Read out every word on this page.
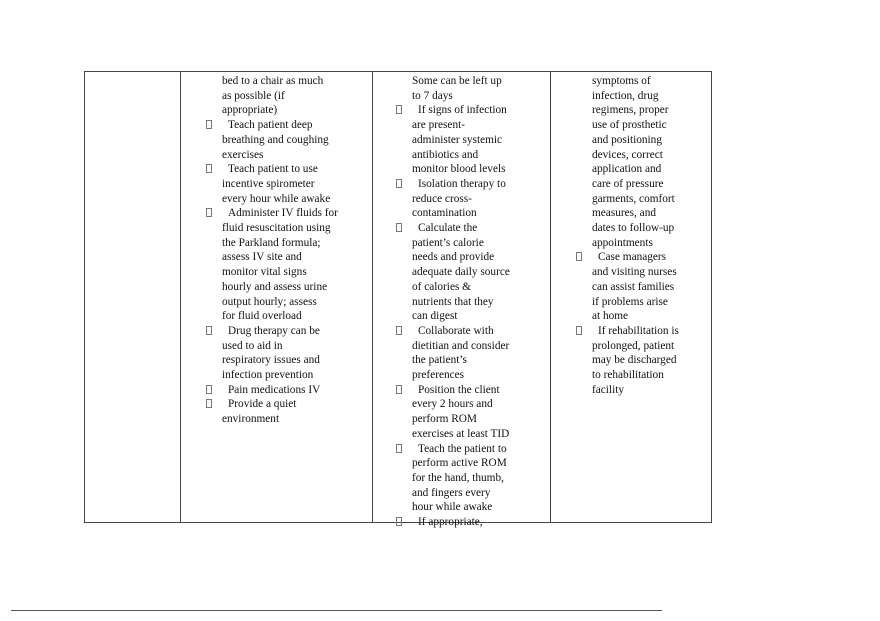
bed to a chair as much
as possible (if
appropriate)
Teach patient deep
breathing and coughing
exercises
Teach patient to use
incentive spirometer
every hour while awake
Administer IV fluids for
fluid resuscitation using
the Parkland formula;
assess IV site and
monitor vital signs
hourly and assess urine
output hourly; assess
for fluid overload
Drug therapy can be
used to aid in
respiratory issues and
infection prevention
Pain medications IV
Provide a quiet
environment
Some can be left up
to 7 days
If signs of infection
are present-
administer systemic
antibiotics and
monitor blood levels
Isolation therapy to
reduce cross-
contamination
Calculate the
patient’s calorie
needs and provide
adequate daily source
of calories &
nutrients that they
can digest
Collaborate with
dietitian and consider
the patient’s
preferences
Position the client
every 2 hours and
perform ROM
exercises at least TID
Teach the patient to
perform active ROM
for the hand, thumb,
and fingers every
hour while awake
If appropriate,
symptoms of
infection, drug
regimens, proper
use of prosthetic
and positioning
devices, correct
application and
care of pressure
garments, comfort
measures, and
dates to follow-up
appointments
Case managers
and visiting nurses
can assist families
if problems arise
at home
If rehabilitation is
prolonged, patient
may be discharged
to rehabilitation
facility
